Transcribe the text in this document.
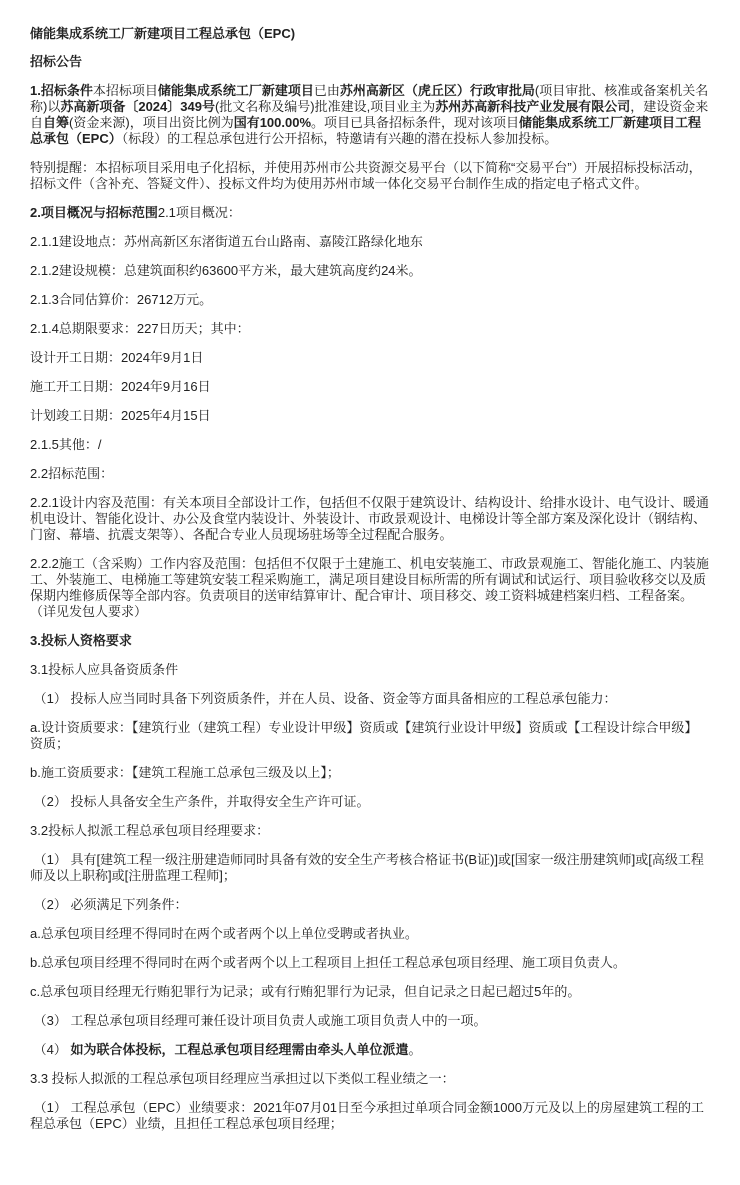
储能集成系统工厂新建项目工程总承包（EPC)
招标公告

1.招标条件本招标项目储能集成系统工厂新建项目已由苏州高新区（虎丘区）行政审批局(项目审批、核准或备案机关名称)以苏高新项备〔2024〕349号(批文名称及编号)批准建设,项目业主为苏州苏高新科技产业发展有限公司，建设资金来自自筹(资金来源)，项目出资比例为国有100.00%。项目已具备招标条件，现对该项目储能集成系统工厂新建项目工程总承包（EPC）（标段）的工程总承包进行公开招标，特邀请有兴趣的潜在投标人参加投标。

特别提醒：本招标项目采用电子化招标，并使用苏州市公共资源交易平台（以下简称“交易平台”）开展招标投标活动，招标文件（含补充、答疑文件）、投标文件均为使用苏州市域一体化交易平台制作生成的指定电子格式文件。

2.项目概况与招标范围2.1项目概况：

2.1.1建设地点：苏州高新区东渚街道五台山路南、嘉陵江路绿化地东

2.1.2建设规模：总建筑面积约63600平方米，最大建筑高度约24米。

2.1.3合同估算价：26712万元。

2.1.4总期限要求：227日历天；其中：

设计开工日期：2024年9月1日

施工开工日期：2024年9月16日

计划竣工日期：2025年4月15日

2.1.5其他：/

2.2招标范围：

2.2.1设计内容及范围：有关本项目全部设计工作，包括但不仅限于建筑设计、结构设计、给排水设计、电气设计、暖通机电设计、智能化设计、办公及食堂内装设计、外装设计、市政景观设计、电梯设计等全部方案及深化设计（钢结构、门窗、幕墙、抗震支架等）、各配合专业人员现场驻场等全过程配合服务。

2.2.2施工（含采购）工作内容及范围：包括但不仅限于土建施工、机电安装施工、市政景观施工、智能化施工、内装施工、外装施工、电梯施工等建筑安装工程采购施工，满足项目建设目标所需的所有调试和试运行、项目验收移交以及质保期内维修质保等全部内容。负责项目的送审结算审计、配合审计、项目移交、竣工资料城建档案归档、工程备案。 （详见发包人要求）

3.投标人资格要求

3.1投标人应具备资质条件

（1） 投标人应当同时具备下列资质条件，并在人员、设备、资金等方面具备相应的工程总承包能力：

a.设计资质要求：【建筑行业（建筑工程）专业设计甲级】资质或【建筑行业设计甲级】资质或【工程设计综合甲级】资质；

b.施工资质要求：【建筑工程施工总承包三级及以上】；

（2） 投标人具备安全生产条件，并取得安全生产许可证。

3.2投标人拟派工程总承包项目经理要求：

（1） 具有[建筑工程一级注册建造师同时具备有效的安全生产考核合格证书(B证)]或[国家一级注册建筑师]或[高级工程师及以上职称]或[注册监理工程师]；

（2） 必须满足下列条件：

a.总承包项目经理不得同时在两个或者两个以上单位受聘或者执业。

b.总承包项目经理不得同时在两个或者两个以上工程项目上担任工程总承包项目经理、施工项目负责人。

c.总承包项目经理无行贿犯罪行为记录；或有行贿犯罪行为记录，但自记录之日起已超过5年的。

（3） 工程总承包项目经理可兼任设计项目负责人或施工项目负责人中的一项。

（4） 如为联合体投标，工程总承包项目经理需由牵头人单位派遣。

3.3 投标人拟派的工程总承包项目经理应当承担过以下类似工程业绩之一：

（1） 工程总承包（EPC）业绩要求：2021年07月01日至今承担过单项合同金额1000万元及以上的房屋建筑工程的工程总承包（EPC）业绩，且担任工程总承包项目经理；
